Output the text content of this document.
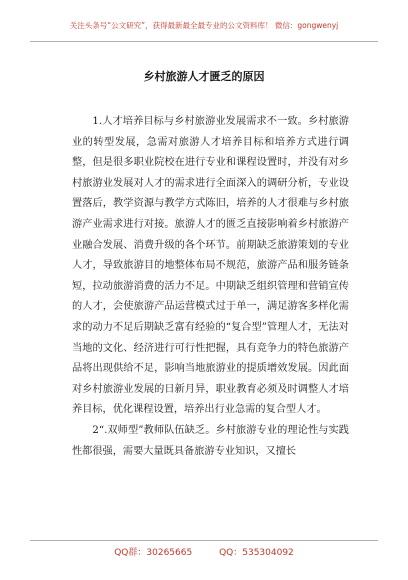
关注头条号“公文研究”，获得最新最全最专业的公文资料库！ 微信：gongwenyj
乡村旅游人才匮乏的原因

1.人才培养目标与乡村旅游业发展需求不一致。乡村旅游业的转型发展，急需对旅游人才培养目标和培养方式进行调整，但是很多职业院校在进行专业和课程设置时，并没有对乡村旅游业发展对人才的需求进行全面深入的调研分析，专业设置落后，教学资源与教学方式陈旧，培养的人才很难与乡村旅游产业需求进行对接。旅游人才的匮乏直接影响着乡村旅游产业融合发展、消费升级的各个环节。前期缺乏旅游策划的专业人才，导致旅游目的地整体布局不规范，旅游产品和服务链条短，拉动旅游消费的活力不足。中期缺乏组织管理和营销宣传的人才，会使旅游产品运营模式过于单一，满足游客多样化需求的动力不足后期缺乏富有经验的“复合型”管理人才，无法对当地的文化、经济进行可行性把握，具有竞争力的特色旅游产品将出现供给不足，影响当地旅游业的提质增效发展。因此面对乡村旅游业发展的日新月异，职业教育必须及时调整人才培养目标，优化课程设置，培养出行业急需的复合型人才。

2“.双师型”教师队伍缺乏。乡村旅游专业的理论性与实践性都很强，需要大量既具备旅游专业知识，又擅长

QQ群：30265665	QQ：535304092
